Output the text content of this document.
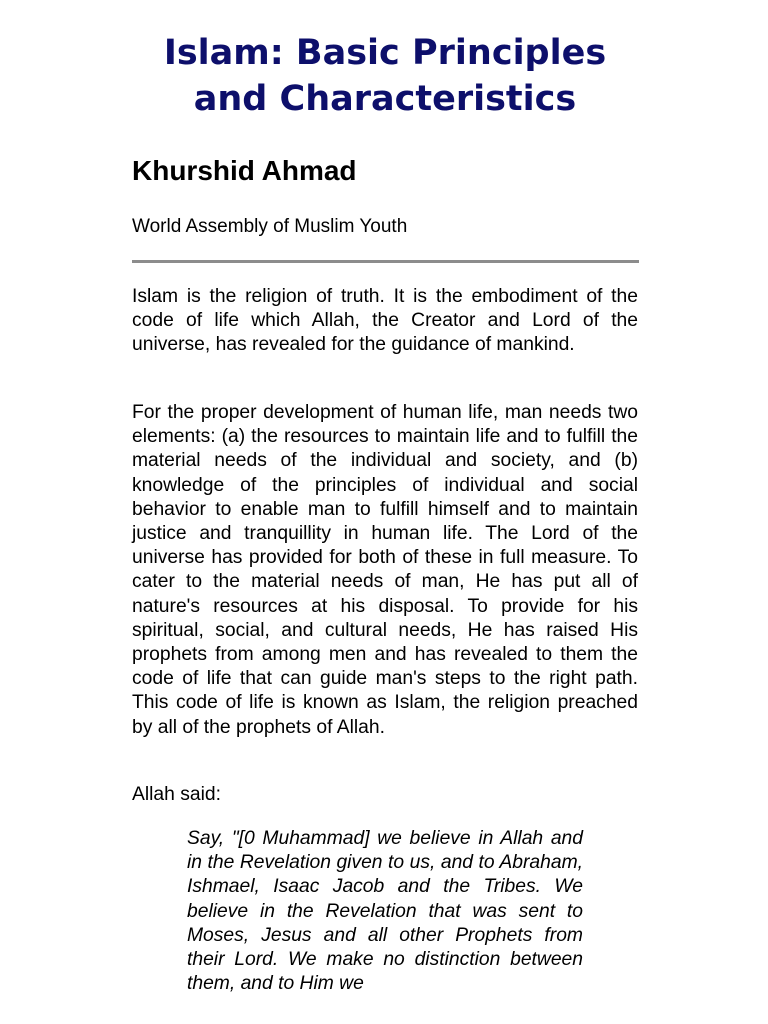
Islam: Basic Principles
and Characteristics
Khurshid Ahmad

World Assembly of Muslim Youth

Islam is the religion of truth. It is the embodiment of the code of life which Allah, the Creator and Lord of the universe, has revealed for the guidance of mankind.

For the proper development of human life, man needs two elements: (a) the resources to maintain life and to fulfill the material needs of the individual and society, and (b) knowledge of the principles of individual and social behavior to enable man to fulfill himself and to maintain justice and tranquillity in human life. The Lord of the universe has provided for both of these in full measure. To cater to the material needs of man, He has put all of nature's resources at his disposal. To provide for his spiritual, social, and cultural needs, He has raised His prophets from among men and has revealed to them the code of life that can guide man's steps to the right path. This code of life is known as Islam, the religion preached by all of the prophets of Allah.

Allah said:

Say, "[0 Muhammad] we believe in Allah and in the Revelation given to us, and to Abraham, Ishmael, Isaac Jacob and the Tribes. We believe in the Revelation that was sent to Moses, Jesus and all other Prophets from their Lord. We make no distinction between them, and to Him we
